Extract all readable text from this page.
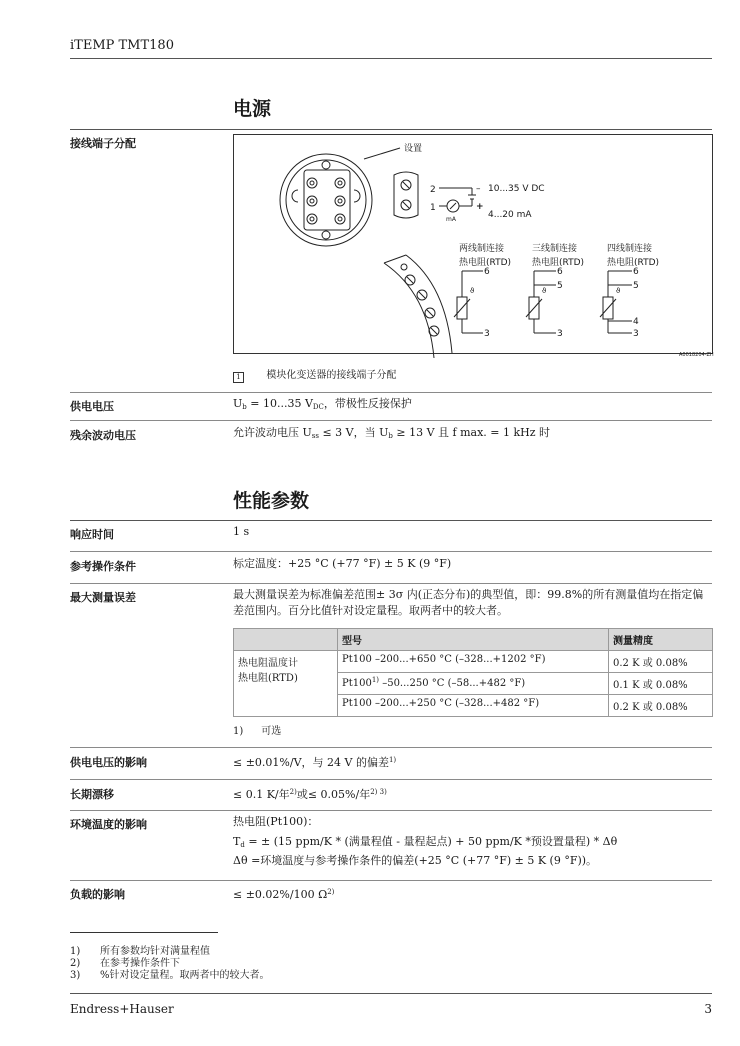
iTEMP TMT180
电源
接线端子分配	设置
2
1
–
+
10...35 V DC
4...20 mA
mA
两线制连接	三线制连接	四线制连接
热电阻(RTD) 热电阻(RTD)	热电阻(RTD)
6
3
6
5
3
6
5
4
3
ϑ	ϑ	ϑ
A0018204-ZH
1	模块化变送器的接线端子分配
供电电压	$U_b = 10...35$ $V_{DC}$，带极性反接保护
残余波动电压	允许波动电压 $U_{ss} \le 3$ V，当 $U_b \ge 13$ V 且 f max. = 1 kHz 时
性能参数
响应时间	1 s
参考操作条件	标定温度：+25 °C (+77 °F) ± 5 K (9 °F)
最大测量误差	最大测量误差为标准偏差范围± 3σ 内(正态分布)的典型值，即：99.8%的所有测量值均在指定偏差范围内。百分比值针对设定量程。取两者中的较大者。
	型号	测量精度
热电阻温度计
热电阻(RTD)	Pt100 –200...+650 °C (–328...+1202 °F)	0.2 K 或 0.08%
	Pt100$^{1)}$ –50...250 °C (–58...+482 °F)	0.1 K 或 0.08%
	Pt100 –200...+250 °C (–328...+482 °F)	0.2 K 或 0.08%
1) 可选
供电电压的影响	≤ ±0.01%/V，与 24 V 的偏差$^{1)}$
长期漂移	≤ 0.1 K/年$^{2)}$或≤ 0.05%/年$^{2) 3)}$
环境温度的影响	热电阻(Pt100)：
$T_d$ = ± (15 ppm/K * (满量程值 - 量程起点) + 50 ppm/K *预设置量程) * Δθ
Δθ =环境温度与参考操作条件的偏差(+25 °C (+77 °F) ± 5 K (9 °F))。
负载的影响	≤ ±0.02%/100 $\Omega^{2)}$
1) 所有参数均针对满量程值
2) 在参考操作条件下
3) %针对设定量程。取两者中的较大者。
Endress+Hauser	3
